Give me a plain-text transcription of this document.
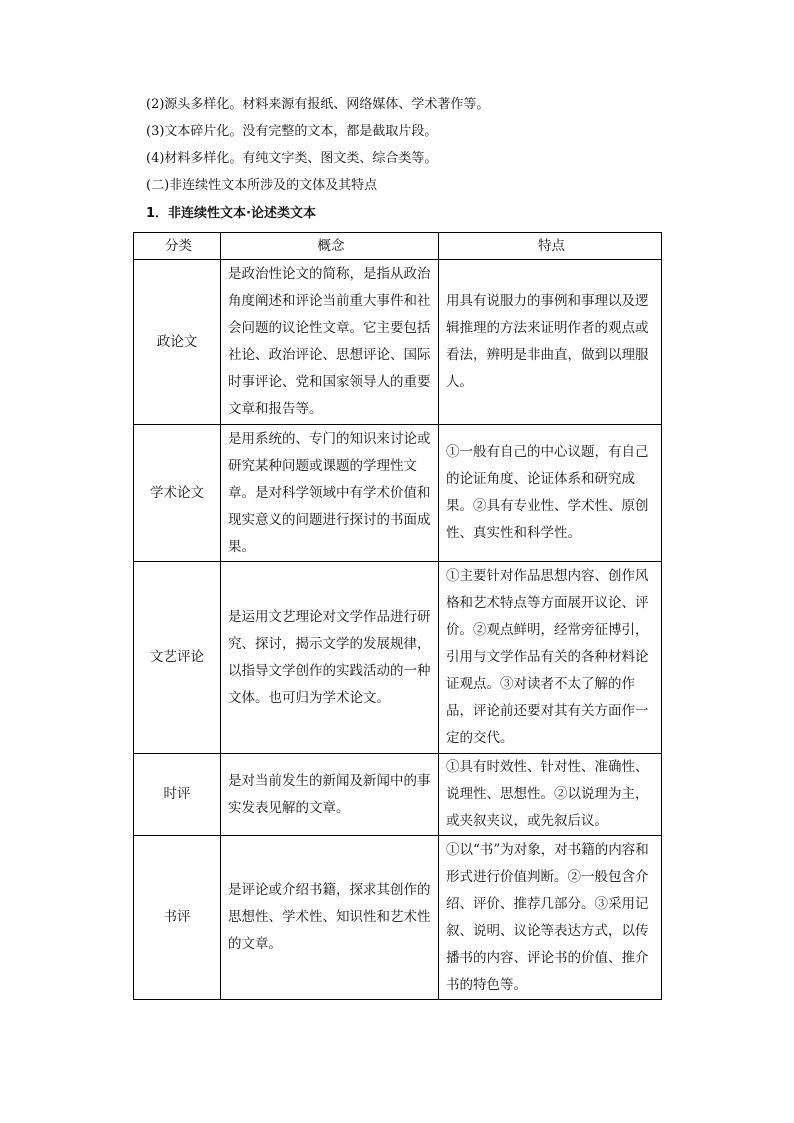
(2)源头多样化。材料来源有报纸、网络媒体、学术著作等。
(3)文本碎片化。没有完整的文本，都是截取片段。
(4)材料多样化。有纯文字类、图文类、综合类等。
(二)非连续性文本所涉及的文体及其特点
1．非连续性文本·论述类文本
分类	概念	特点
政论文	是政治性论文的简称，是指从政治角度阐述和评论当前重大事件和社会问题的议论性文章。它主要包括社论、政治评论、思想评论、国际时事评论、党和国家领导人的重要文章和报告等。	用具有说服力的事例和事理以及逻辑推理的方法来证明作者的观点或看法，辨明是非曲直，做到以理服人。
学术论文	是用系统的、专门的知识来讨论或研究某种问题或课题的学理性文章。是对科学领域中有学术价值和现实意义的问题进行探讨的书面成果。	①一般有自己的中心议题，有自己的论证角度、论证体系和研究成果。②具有专业性、学术性、原创性、真实性和科学性。
文艺评论	是运用文艺理论对文学作品进行研究、探讨，揭示文学的发展规律，以指导文学创作的实践活动的一种文体。也可归为学术论文。	①主要针对作品思想内容、创作风格和艺术特点等方面展开议论、评价。②观点鲜明，经常旁征博引，引用与文学作品有关的各种材料论证观点。③对读者不太了解的作品，评论前还要对其有关方面作一定的交代。
时评	是对当前发生的新闻及新闻中的事实发表见解的文章。	①具有时效性、针对性、准确性、说理性、思想性。②以说理为主，或夹叙夹议，或先叙后议。
书评	是评论或介绍书籍，探求其创作的思想性、学术性、知识性和艺术性的文章。	①以“书”为对象，对书籍的内容和形式进行价值判断。②一般包含介绍、评价、推荐几部分。③采用记叙、说明、议论等表达方式，以传播书的内容、评论书的价值、推介书的特色等。
